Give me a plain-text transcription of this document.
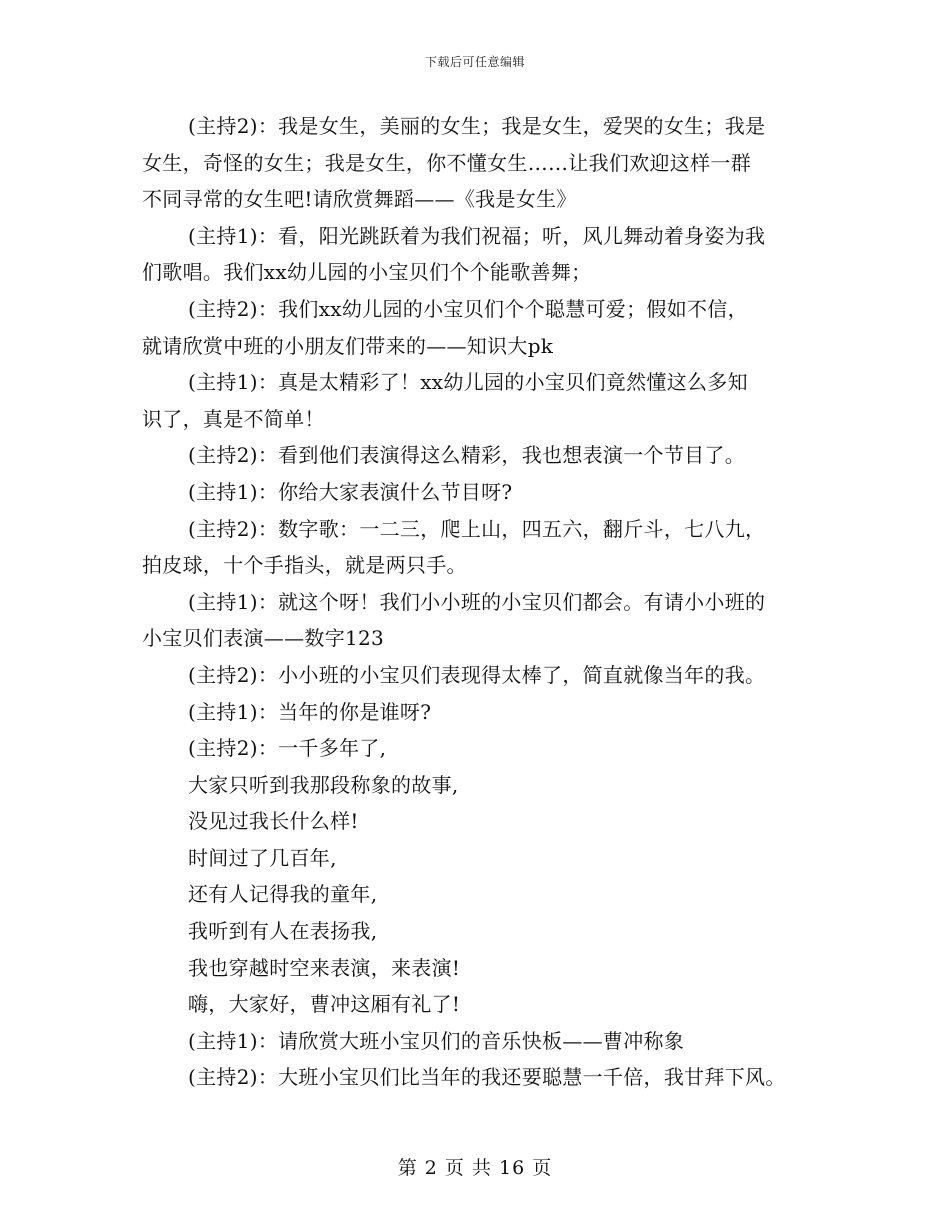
下载后可任意编辑
(主持2)：我是女生，美丽的女生；我是女生，爱哭的女生；我是
女生，奇怪的女生；我是女生，你不懂女生……让我们欢迎这样一群
不同寻常的女生吧!请欣赏舞蹈——《我是女生》
(主持1)：看，阳光跳跃着为我们祝福；听，风儿舞动着身姿为我
们歌唱。我们xx幼儿园的小宝贝们个个能歌善舞；
(主持2)：我们xx幼儿园的小宝贝们个个聪慧可爱；假如不信，
就请欣赏中班的小朋友们带来的——知识大pk
(主持1)：真是太精彩了！xx幼儿园的小宝贝们竟然懂这么多知
识了，真是不简单！
(主持2)：看到他们表演得这么精彩，我也想表演一个节目了。
(主持1)：你给大家表演什么节目呀?
(主持2)：数字歌：一二三，爬上山，四五六，翻斤斗，七八九，
拍皮球，十个手指头，就是两只手。
(主持1)：就这个呀！我们小小班的小宝贝们都会。有请小小班的
小宝贝们表演——数字123
(主持2)：小小班的小宝贝们表现得太棒了，简直就像当年的我。
(主持1)：当年的你是谁呀?
(主持2)：一千多年了,
大家只听到我那段称象的故事,
没见过我长什么样!
时间过了几百年,
还有人记得我的童年,
我听到有人在表扬我,
我也穿越时空来表演，来表演!
嗨，大家好，曹冲这厢有礼了!
(主持1)：请欣赏大班小宝贝们的音乐快板——曹冲称象
(主持2)：大班小宝贝们比当年的我还要聪慧一千倍，我甘拜下风。
第 2 页 共 16 页
